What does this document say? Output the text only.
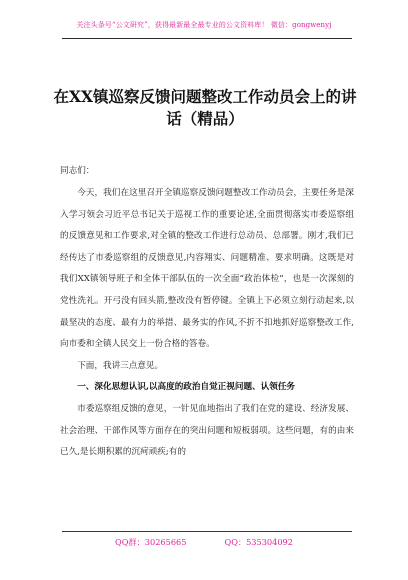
关注头条号“公文研究”，获得最新最全最专业的公文资料库！ 微信：gongwenyj
在XX镇巡察反馈问题整改工作动员会上的讲话（精品）
同志们：

今天，我们在这里召开全镇巡察反馈问题整改工作动员会，主要任务是深入学习领会习近平总书记关于巡视工作的重要论述,全面贯彻落实市委巡察组的反馈意见和工作要求,对全镇的整改工作进行总动员、总部署。刚才,我们已经传达了市委巡察组的反馈意见,内容翔实、问题精准、要求明确。这既是对我们XX镇领导班子和全体干部队伍的一次全面“政治体检”，也是一次深刻的党性洗礼。开弓没有回头箭,整改没有暂停键。全镇上下必须立刻行动起来,以最坚决的态度、最有力的举措、最务实的作风,不折不扣地抓好巡察整改工作,向市委和全镇人民交上一份合格的答卷。

下面，我讲三点意见。

一、深化思想认识,以高度的政治自觉正视问题、认领任务

市委巡察组反馈的意见，一针见血地指出了我们在党的建设、经济发展、社会治理、干部作风等方面存在的突出问题和短板弱项。这些问题，有的由来已久,是长期积累的沉疴顽疾;有的

QQ群：30265665	QQ：535304092
